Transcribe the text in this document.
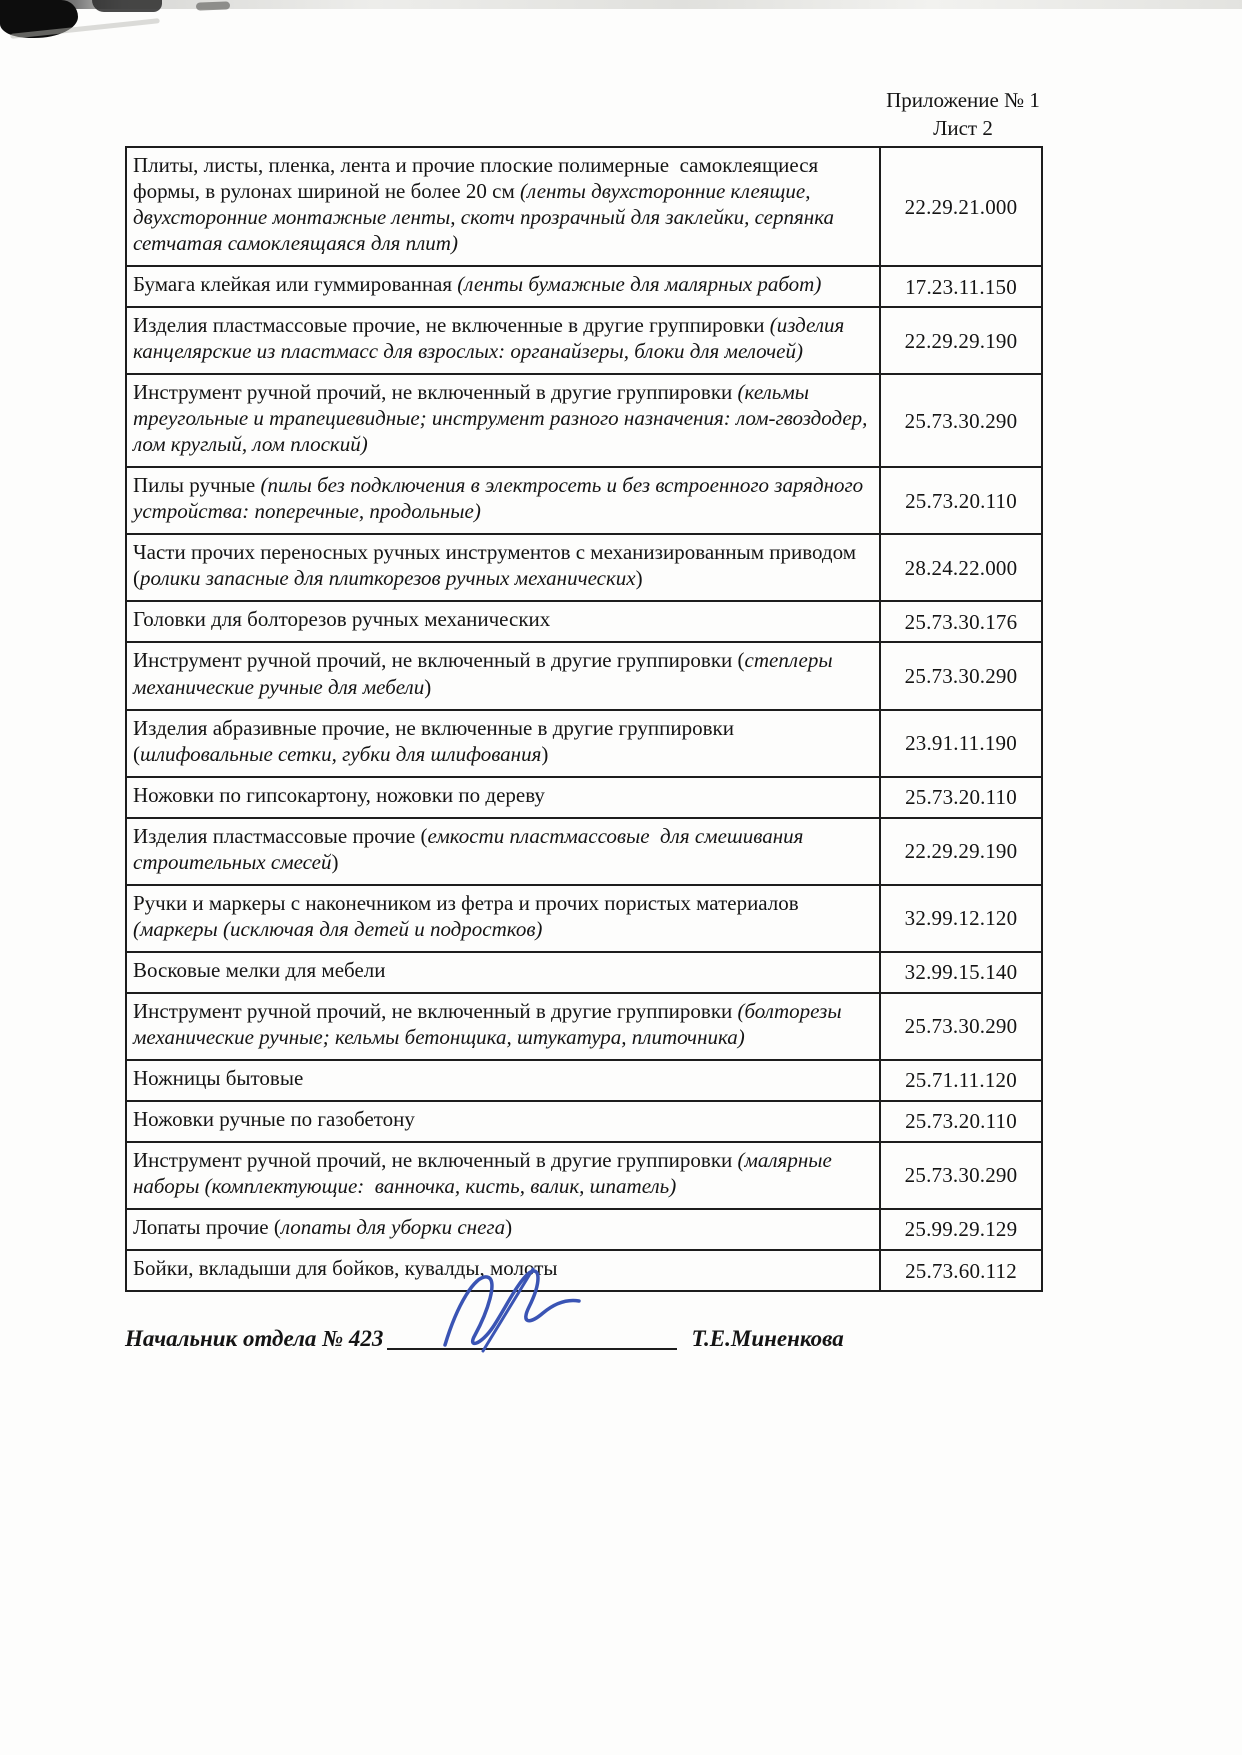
Приложение № 1
Лист 2
Плиты, листы, пленка, лента и прочие плоские полимерные  самоклеящиеся формы, в рулонах шириной не более 20 см (ленты двухсторонние клеящие, двухсторонние монтажные ленты, скотч прозрачный для заклейки, серпянка сетчатая самоклеящаяся для плит)	22.29.21.000
Бумага клейкая или гуммированная (ленты бумажные для малярных работ)	17.23.11.150
Изделия пластмассовые прочие, не включенные в другие группировки (изделия канцелярские из пластмасс для взрослых: органайзеры, блоки для мелочей)	22.29.29.190
Инструмент ручной прочий, не включенный в другие группировки (кельмы треугольные и трапециевидные; инструмент разного назначения: лом-гвоздодер, лом круглый, лом плоский)	25.73.30.290
Пилы ручные (пилы без подключения в электросеть и без встроенного зарядного устройства: поперечные, продольные)	25.73.20.110
Части прочих переносных ручных инструментов с механизированным приводом (ролики запасные для плиткорезов ручных механических)	28.24.22.000
Головки для болторезов ручных механических	25.73.30.176
Инструмент ручной прочий, не включенный в другие группировки (степлеры механические ручные для мебели)	25.73.30.290
Изделия абразивные прочие, не включенные в другие группировки (шлифовальные сетки, губки для шлифования)	23.91.11.190
Ножовки по гипсокартону, ножовки по дереву	25.73.20.110
Изделия пластмассовые прочие (емкости пластмассовые  для смешивания строительных смесей)	22.29.29.190
Ручки и маркеры с наконечником из фетра и прочих пористых материалов (маркеры (исключая для детей и подростков)	32.99.12.120
Восковые мелки для мебели	32.99.15.140
Инструмент ручной прочий, не включенный в другие группировки (болторезы  механические ручные; кельмы бетонщика, штукатура, плиточника)	25.73.30.290
Ножницы бытовые	25.71.11.120
Ножовки ручные по газобетону	25.73.20.110
Инструмент ручной прочий, не включенный в другие группировки (малярные наборы (комплектующие:  ванночка, кисть, валик, шпатель)	25.73.30.290
Лопаты прочие (лопаты для уборки снега)	25.99.29.129
Бойки, вкладыши для бойков, кувалды, молоты	25.73.60.112
Начальник отдела № 423	Т.Е.Миненкова
